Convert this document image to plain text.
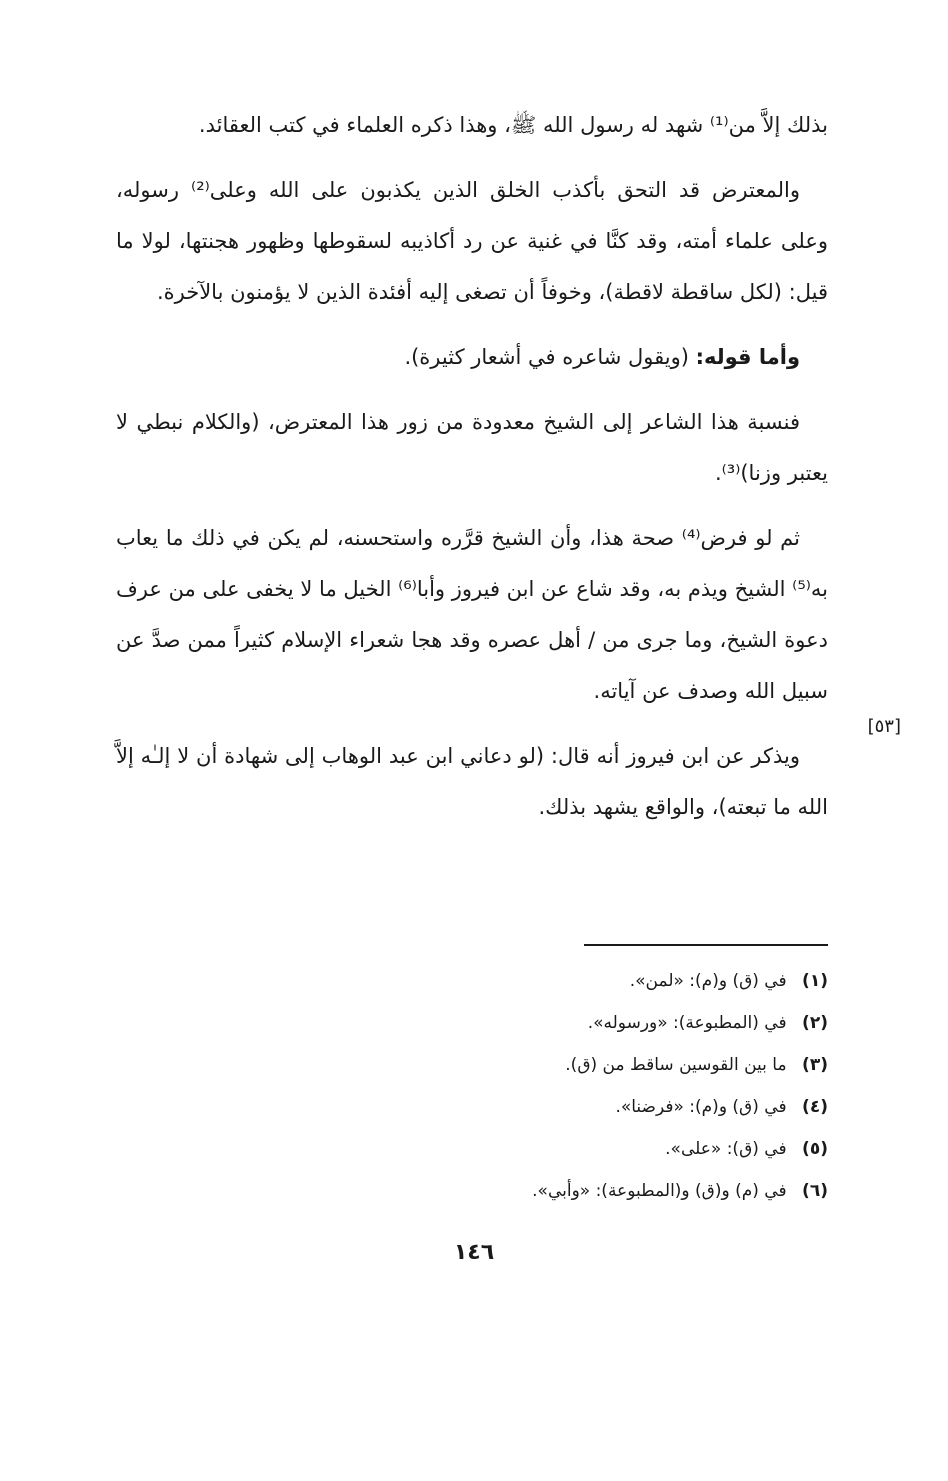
بذلك إلاَّ من⁽¹⁾ شهد له رسول الله ﷺ، وهذا ذكره العلماء في كتب العقائد.

والمعترض قد التحق بأكذب الخلق الذين يكذبون على الله وعلى⁽²⁾ رسوله، وعلى علماء أمته، وقد كنَّا في غنية عن رد أكاذيبه لسقوطها وظهور هجنتها، لولا ما قيل: (لكل ساقطة لاقطة)، وخوفاً أن تصغى إليه أفئدة الذين لا يؤمنون بالآخرة.

وأما قوله: (ويقول شاعره في أشعار كثيرة).

فنسبة هذا الشاعر إلى الشيخ معدودة من زور هذا المعترض، (والكلام نبطي لا يعتبر وزنا)⁽³⁾.

ثم لو فرض⁽⁴⁾ صحة هذا، وأن الشيخ قرَّره واستحسنه، لم يكن في ذلك ما يعاب به⁽⁵⁾ الشيخ ويذم به، وقد شاع عن ابن فيروز وأبا⁽⁶⁾ الخيل ما لا يخفى على من عرف دعوة الشيخ، وما جرى من / أهل عصره وقد هجا شعراء الإسلام كثيراً ممن صدَّ عن سبيل الله وصدف عن آياته.

ويذكر عن ابن فيروز أنه قال: (لو دعاني ابن عبد الوهاب إلى شهادة أن لا إلـٰه إلاَّ الله ما تبعته)، والواقع يشهد بذلك.

[٥٣]
(١) في (ق) و(م): «لمن».
(٢) في (المطبوعة): «ورسوله».
(٣) ما بين القوسين ساقط من (ق).
(٤) في (ق) و(م): «فرضنا».
(٥) في (ق): «على».
(٦) في (م) و(ق) و(المطبوعة): «وأبي».
١٤٦
